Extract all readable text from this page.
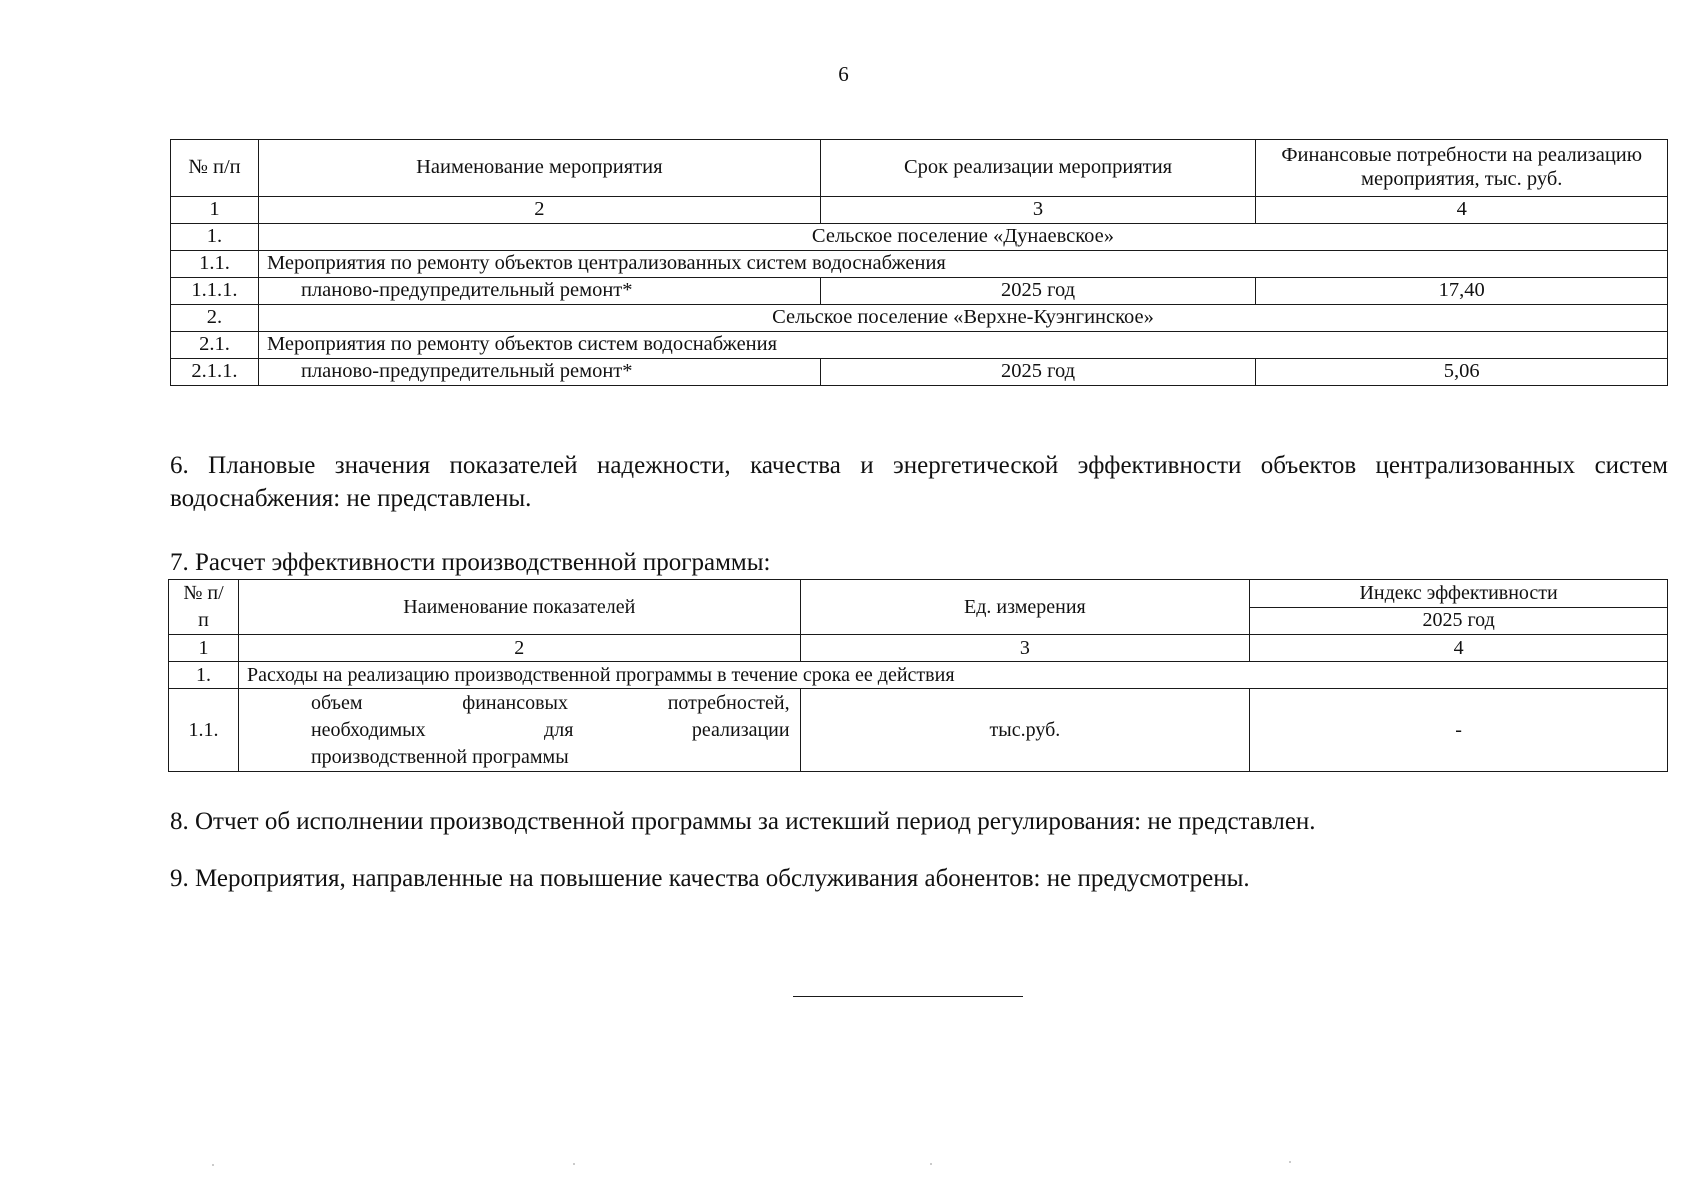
6
№ п/п	Наименование мероприятия	Срок реализации мероприятия	Финансовые потребности на реализацию мероприятия, тыс. руб.
1	2	3	4
1.	Сельское поселение «Дунаевское»		
1.1.	Мероприятия по ремонту объектов централизованных систем водоснабжения		
1.1.1.	планово-предупредительный ремонт*	2025 год	17,40
2.	Сельское поселение «Верхне-Куэнгинское»		
2.1.	Мероприятия по ремонту объектов систем водоснабжения		
2.1.1.	планово-предупредительный ремонт*	2025 год	5,06

6. Плановые значения показателей надежности, качества и энергетической эффективности объектов централизованных систем водоснабжения: не представлены.

7. Расчет эффективности производственной программы:

№ п/п	Наименование показателей	Ед. измерения	Индекс эффективности
			2025 год
1	2	3	4
1.	Расходы на реализацию производственной программы в течение срока ее действия		
1.1.	объем финансовых потребностей,
необходимых для реализации
производственной программы	тыс.руб.	-

8. Отчет об исполнении производственной программы за истекший период регулирования: не представлен.

9. Мероприятия, направленные на повышение качества обслуживания абонентов: не предусмотрены.
